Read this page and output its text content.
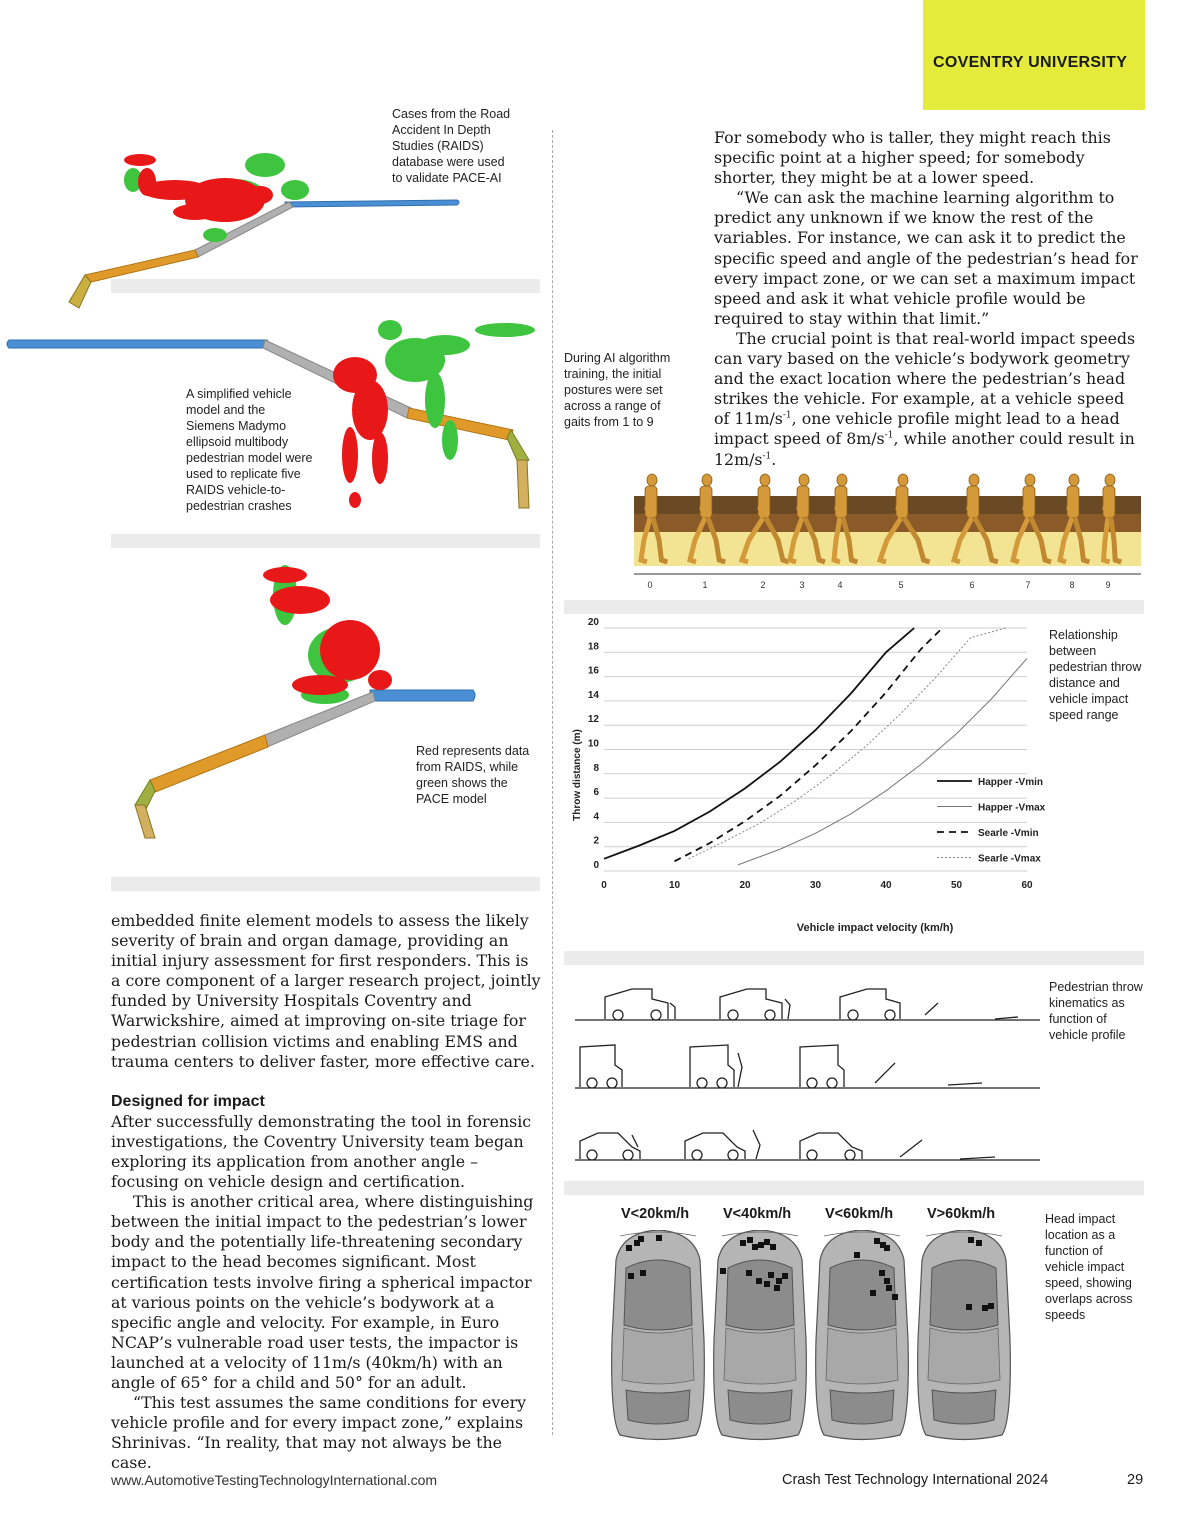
COVENTRY UNIVERSITY
Cases from the Road Accident In Depth Studies (RAIDS) database were used to validate PACE-AI
A simplified vehicle model and the Siemens Madymo ellipsoid multibody pedestrian model were used to replicate five RAIDS vehicle-to-pedestrian crashes
Red represents data from RAIDS, while green shows the PACE model

embedded finite element models to assess the likely severity of brain and organ damage, providing an initial injury assessment for first responders. This is a core component of a larger research project, jointly funded by University Hospitals Coventry and Warwickshire, aimed at improving on-site triage for pedestrian collision victims and enabling EMS and trauma centers to deliver faster, more effective care.

Designed for impact

After successfully demonstrating the tool in forensic investigations, the Coventry University team began exploring its application from another angle – focusing on vehicle design and certification.

This is another critical area, where distinguishing between the initial impact to the pedestrian’s lower body and the potentially life-threatening secondary impact to the head becomes significant. Most certification tests involve firing a spherical impactor at various points on the vehicle’s bodywork at a specific angle and velocity. For example, in Euro NCAP’s vulnerable road user tests, the impactor is launched at a velocity of 11m/s (40km/h) with an angle of 65° for a child and 50° for an adult.

“This test assumes the same conditions for every vehicle profile and for every impact zone,” explains Shrinivas. “In reality, that may not always be the case.

During AI algorithm training, the initial postures were set across a range of gaits from 1 to 9

For somebody who is taller, they might reach this specific point at a higher speed; for somebody shorter, they might be at a lower speed.

“We can ask the machine learning algorithm to predict any unknown if we know the rest of the variables. For instance, we can ask it to predict the specific speed and angle of the pedestrian’s head for every impact zone, or we can set a maximum impact speed and ask it what vehicle profile would be required to stay within that limit.”

The crucial point is that real-world impact speeds can vary based on the vehicle’s bodywork geometry and the exact location where the pedestrian’s head strikes the vehicle. For example, at a vehicle speed of $11m/s^{-1}$, one vehicle profile might lead to a head impact speed of $8m/s^{-1}$, while another could result in $12m/s^{-1}$.

0	1	2	3	4	5	6	7	8	9
0
2
4
6
8
10
12
14
16
18
20
0	10	20	30	40	50	60
Happer -Vmin
Happer -Vmax
Searle -Vmin
Searle -Vmax
Throw distance (m)
Vehicle impact velocity (km/h)
Relationship between pedestrian throw distance and vehicle impact speed range
Pedestrian throw kinematics as function of vehicle profile
V<20km/h V<40km/h V<60km/h V>60km/h	Head impact location as a function of vehicle impact speed, showing overlaps across speeds
www.AutomotiveTestingTechnologyInternational.com	Crash Test Technology International 2024	29
